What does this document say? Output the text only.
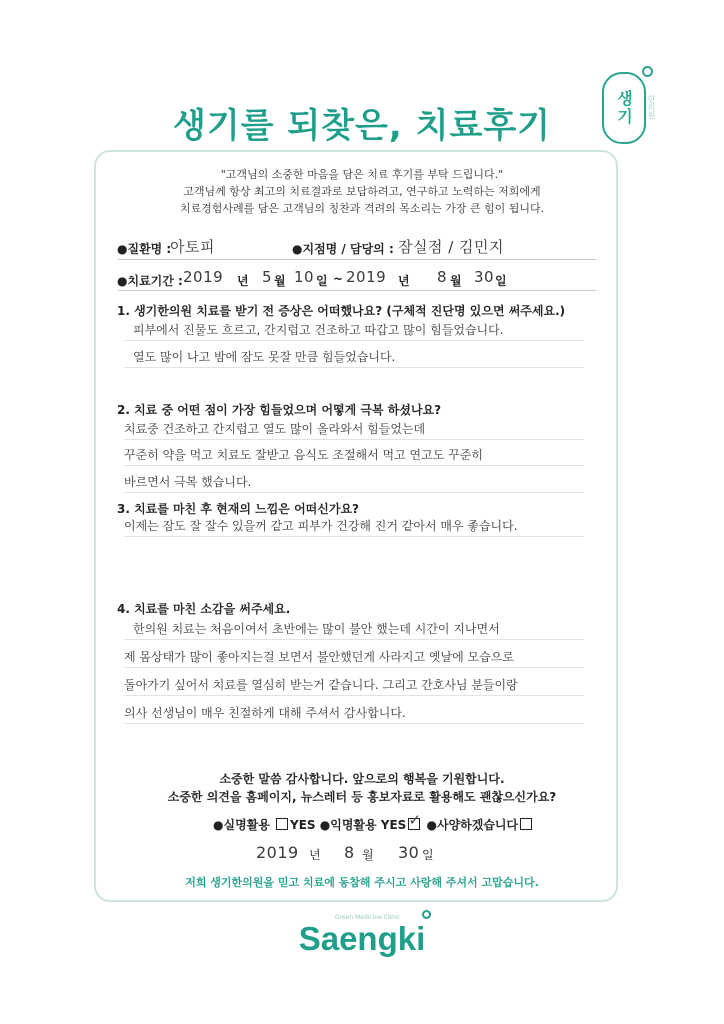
생기를 되찾은, 치료후기	생기	한의원
"고객님의 소중한 마음을 담은 치료 후기를 부탁 드립니다."
고객님께 항상 최고의 치료결과로 보답하려고, 연구하고 노력하는 저희에게
치료경험사례를 담은 고객님의 칭찬과 격려의 목소리는 가장 큰 힘이 됩니다.
●질환명 :
아토피	●지점명 / 담당의 : 잠실점 / 김민지
●치료기간 : 2019 년 5 월 10 일 ~ 2019 년 8 월 30 일
1. 생기한의원 치료를 받기 전 증상은 어떠했나요? (구체적 진단명 있으면 써주세요.)
피부에서 진물도 흐르고, 간지럽고 건조하고 따갑고 많이 힘들었습니다.
열도 많이 나고 밤에 잠도 못잘 만큼 힘들었습니다.
2. 치료 중 어떤 점이 가장 힘들었으며 어떻게 극복 하셨나요?
치료중 건조하고 간지럽고 열도 많이 올라와서 힘들었는데
꾸준히 약을 먹고 치료도 잘받고 음식도 조절해서 먹고 연고도 꾸준히
바르면서 극복 했습니다.
3. 치료를 마친 후 현재의 느낌은 어떠신가요?
이제는 잠도 잘 잘수 있을꺼 같고 피부가 건강해 진거 같아서 매우 좋습니다.
4. 치료를 마친 소감을 써주세요.
한의원 치료는 처음이여서 초반에는 많이 불안 했는데 시간이 지나면서
제 몸상태가 많이 좋아지는걸 보면서 불안했던게 사라지고 옛날에 모습으로
돌아가기 싶어서 치료를 열심히 받는거 같습니다. 그리고 간호사님 분들이랑
의사 선생님이 매우 친절하게 대해 주셔서 감사합니다.
소중한 말씀 감사합니다. 앞으로의 행복을 기원합니다.
소중한 의견을 홈페이지, 뉴스레터 등 홍보자료로 활용해도 괜찮으신가요?
●실명활용 YES ●익명활용 YES ✓ ●사양하겠습니다
2019 년 8 월 30 일
저희 생기한의원을 믿고 치료에 동참해 주시고 사랑해 주셔서 고맙습니다.
Green Medicine Clinic
Saengki
